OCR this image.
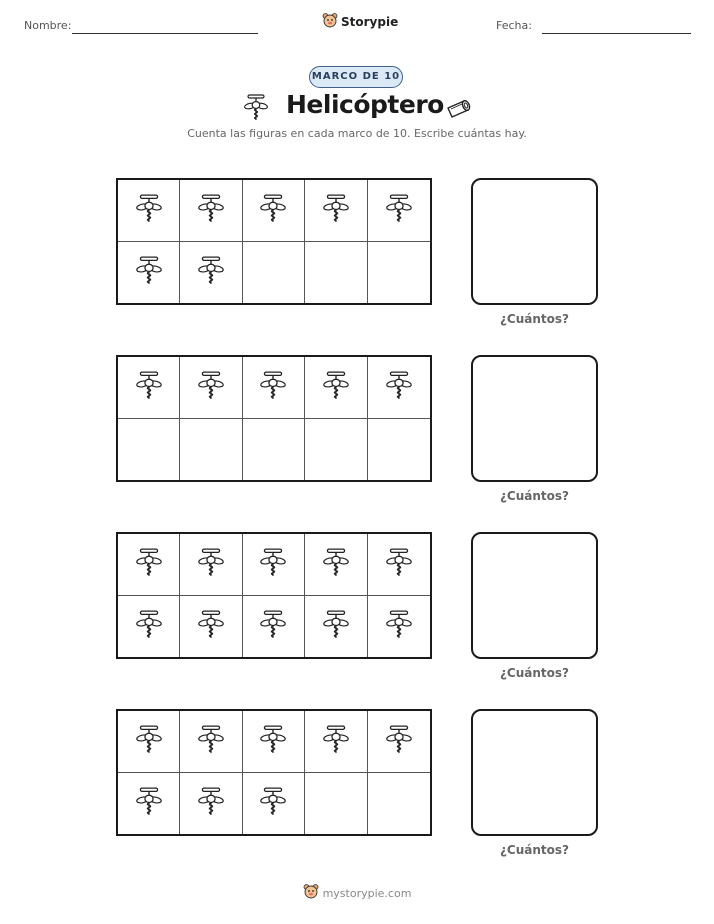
Nombre:	Storypie	Fecha:
MARCO DE 10
Helicóptero
Cuenta las figuras en cada marco de 10. Escribe cuántas hay.
¿Cuántos?
¿Cuántos?
¿Cuántos?
¿Cuántos?
mystorypie.com
